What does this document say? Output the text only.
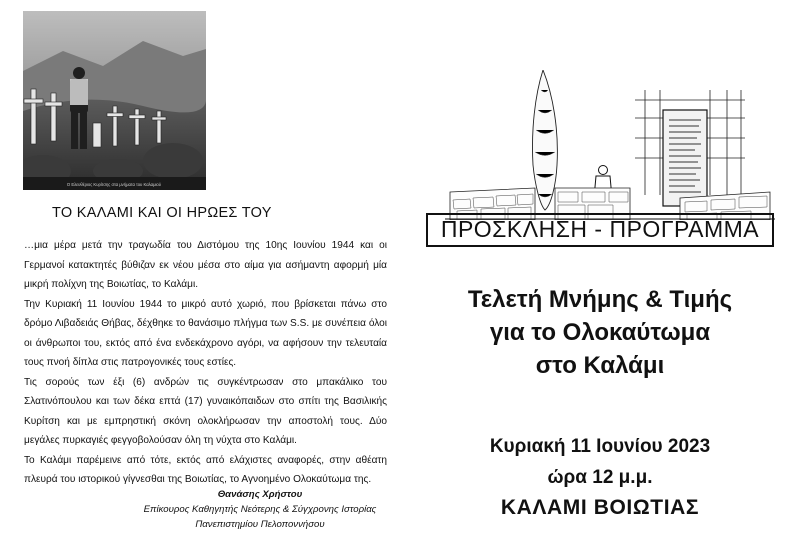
Ο Ελευθέριος Κυρίτσης στα μνήματα του Καλαμιού
ΤΟ ΚΑΛΑΜΙ ΚΑΙ ΟΙ ΗΡΩΕΣ ΤΟΥ

…μια μέρα μετά την τραγωδία του Διστόμου της 10ης Ιουνίου 1944 και οι Γερμανοί κατακτητές βύθιζαν εκ νέου μέσα στο αίμα για ασήμαντη αφορμή μία μικρή πολίχνη της Βοιωτίας, το Καλάμι.

Την Κυριακή 11 Ιουνίου 1944 το μικρό αυτό χωριό, που βρίσκεται πάνω στο δρόμο Λιβαδειάς Θήβας, δέχθηκε το θανάσιμο πλήγμα των S.S. με συνέπεια όλοι οι άνθρωποι του, εκτός από ένα ενδεκάχρονο αγόρι, να αφήσουν την τελευταία τους πνοή δίπλα στις πατρογονικές τους εστίες.

Τις σορούς των έξι (6) ανδρών τις συγκέντρωσαν στο μπακάλικο του Σλατινόπουλου και των δέκα επτά (17) γυναικόπαιδων στο σπίτι της Βασιλικής Κυρίτση και με εμπρηστική σκόνη ολοκλήρωσαν την αποστολή τους. Δύο μεγάλες πυρκαγιές φεγγοβολούσαν όλη τη νύχτα στο Καλάμι.

Το Καλάμι παρέμεινε από τότε, εκτός από ελάχιστες αναφορές, στην αθέατη πλευρά του ιστορικού γίγνεσθαι της Βοιωτίας, το Αγνοημένο Ολοκαύτωμα της.

Θανάσης Χρήστου
Επίκουρος Καθηγητής Νεότερης & Σύγχρονης Ιστορίας
Πανεπιστημίου Πελοποννήσου
ΠΡΟΣΚΛΗΣΗ - ΠΡΟΓΡΑΜΜΑ
Τελετή Μνήμης & Τιμής
για το Ολοκαύτωμα
στο Καλάμι
Κυριακή 11 Ιουνίου 2023
ώρα 12 μ.μ.
ΚΑΛΑΜΙ ΒΟΙΩΤΙΑΣ
